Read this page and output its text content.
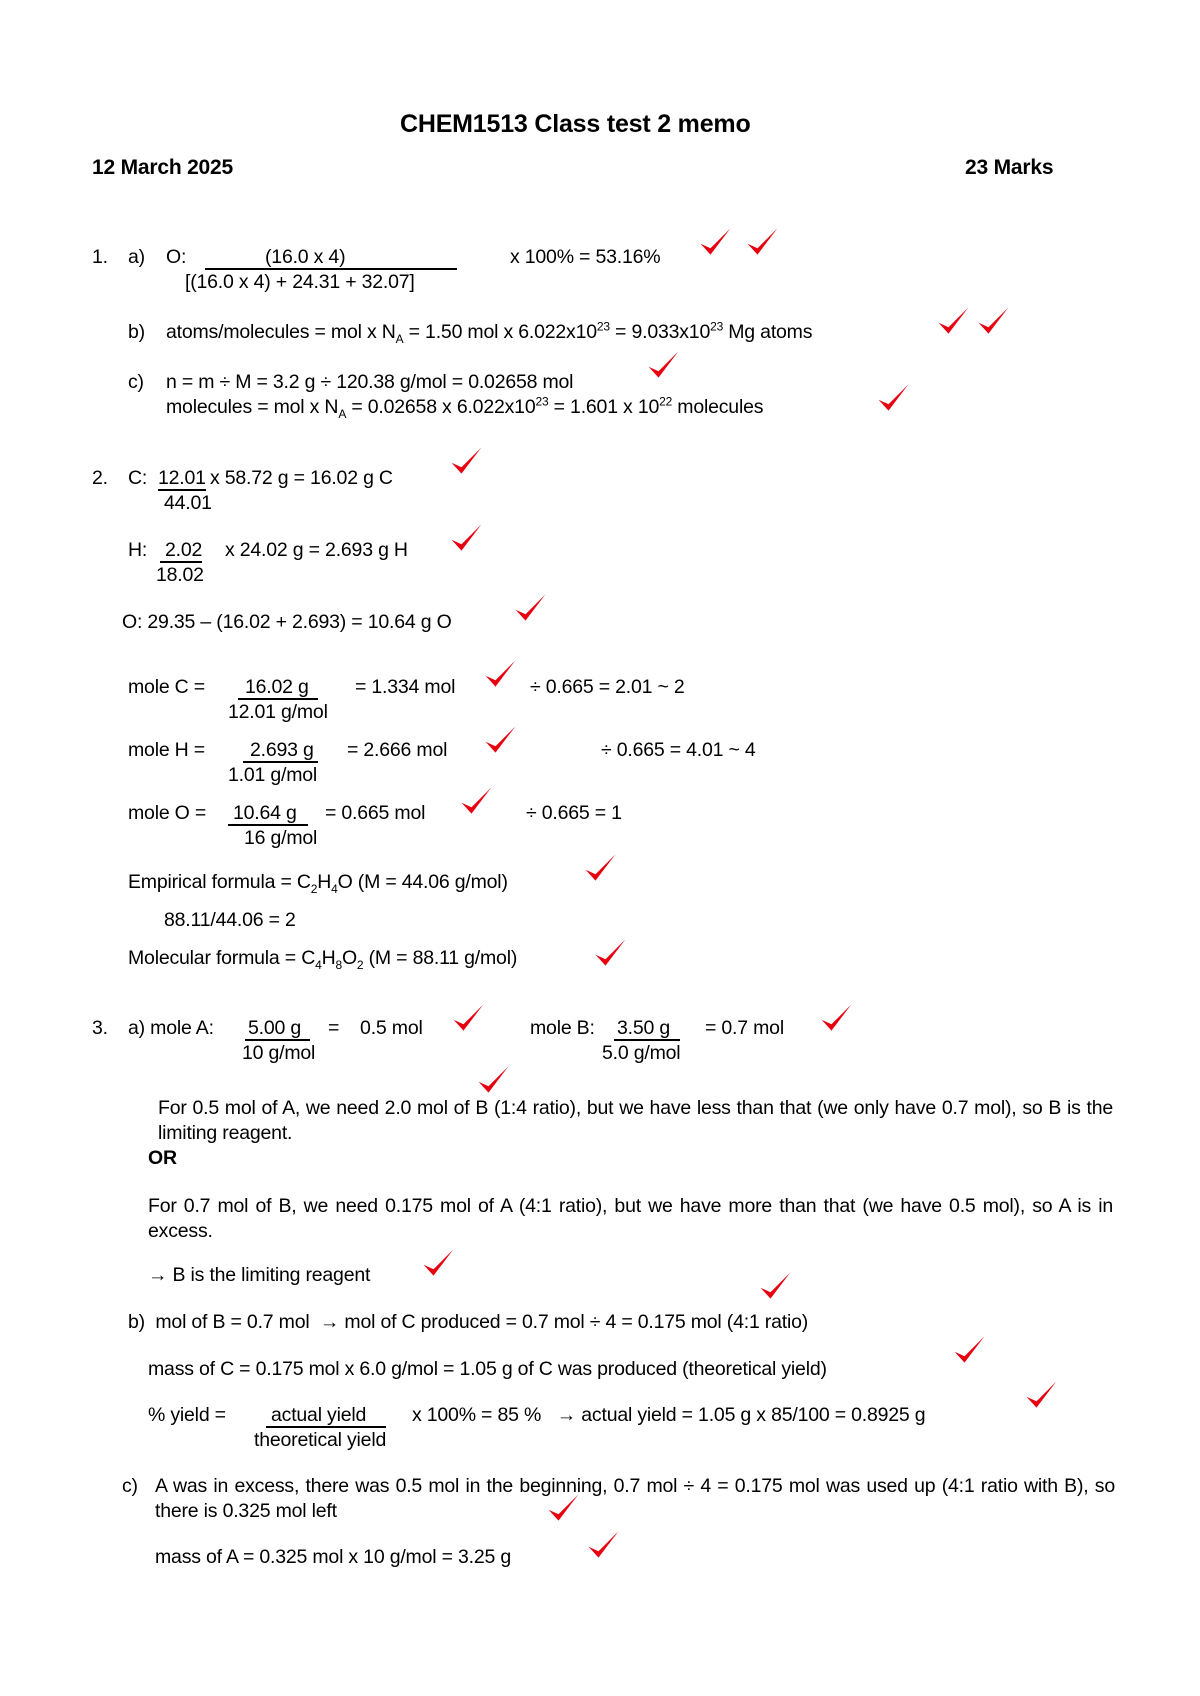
CHEM1513 Class test 2 memo
12 March 2025	23 Marks
1. a) O:	(16.0 x 4)
[(16.0 x 4) + 24.31 + 32.07]
x 100% = 53.16%
b) atoms/molecules = mol x $N_A = 1.50$ mol x $6.022x10^{23} = 9.033x10^{23}$ Mg atoms
c) n = m ÷ M = 3.2 g ÷ 120.38 g/mol = 0.02658 mol
molecules = mol x $N_A = 0.02658$ x $6.022x10^{23} = 1.601$ x $10^{22}$ molecules
2. C: 12.01
44.01
x 58.72 g = 16.02 g C
H: 2.02
18.02
x 24.02 g = 2.693 g H
O: 29.35 – (16.02 + 2.693) = 10.64 g O
mole C = 16.02 g
12.01 g/mol
= 1.334 mol	÷ 0.665 = 2.01 ~ 2
mole H = 2.693 g
1.01 g/mol
= 2.666 mol	÷ 0.665 = 4.01 ~ 4
mole O = 10.64 g
16 g/mol
= 0.665 mol	÷ 0.665 = 1
Empirical formula = $C_2H_4O$ (M = 44.06 g/mol)
88.11/44.06 = 2
Molecular formula = $C_4H_8O_2$ (M = 88.11 g/mol)
3. a) mole A: 5.00 g
10 g/mol
=    0.5 mol	mole B: 3.50 g
5.0 g/mol
= 0.7 mol
For 0.5 mol of A, we need 2.0 mol of B (1:4 ratio), but we have less than that (we only have 0.7 mol), so B is the limiting reagent.
OR
For 0.7 mol of B, we need 0.175 mol of A (4:1 ratio), but we have more than that (we have 0.5 mol), so A is in excess.
→ B is the limiting reagent
b)  mol of B = 0.7 mol  → mol of C produced = 0.7 mol ÷ 4 = 0.175 mol (4:1 ratio)
mass of C = 0.175 mol x 6.0 g/mol = 1.05 g of C was produced (theoretical yield)
% yield = actual yield
theoretical yield
x 100% = 85 %   → actual yield = 1.05 g x 85/100 = 0.8925 g
c) A was in excess, there was 0.5 mol in the beginning, 0.7 mol ÷ 4 = 0.175 mol was used up (4:1 ratio with B), so there is 0.325 mol left
mass of A = 0.325 mol x 10 g/mol = 3.25 g
